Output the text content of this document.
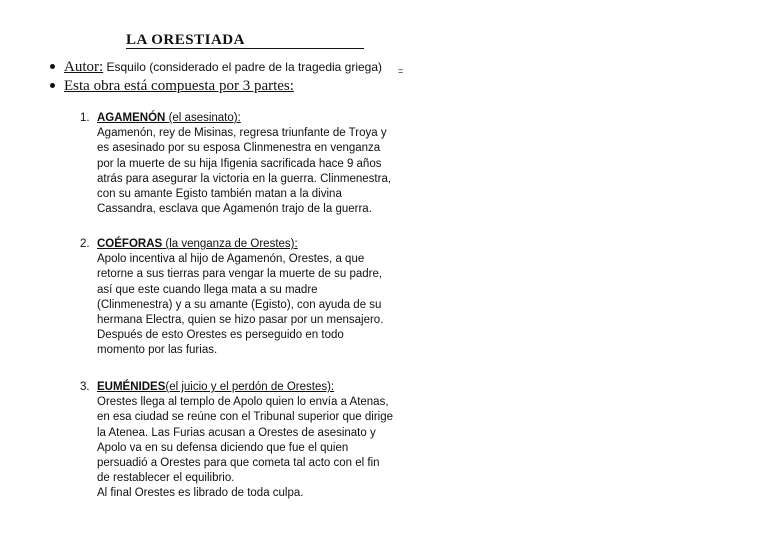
LA ORESTIADA
Autor: Esquilo (considerado el padre de la tragedia griega) =
Esta obra está compuesta por 3 partes:
1. AGAMENÓN (el asesinato):
Agamenón, rey de Misinas, regresa triunfante de Troya y
es asesinado por su esposa Clinmenestra en venganza
por la muerte de su hija Ifigenia sacrificada hace 9 años
atrás para asegurar la victoria en la guerra. Clinmenestra,
con su amante Egisto también matan a la divina
Cassandra, esclava que Agamenón trajo de la guerra.
2. COÉFORAS (la venganza de Orestes):
Apolo incentiva al hijo de Agamenón, Orestes, a que
retorne a sus tierras para vengar la muerte de su padre,
así que este cuando llega mata a su madre
(Clinmenestra) y a su amante (Egisto), con ayuda de su
hermana Electra, quien se hizo pasar por un mensajero.
Después de esto Orestes es perseguido en todo
momento por las furias.
3. EUMÉNIDES(el juicio y el perdón de Orestes):
Orestes llega al templo de Apolo quien lo envía a Atenas,
en esa ciudad se reúne con el Tribunal superior que dirige
la Atenea. Las Furias acusan a Orestes de asesinato y
Apolo va en su defensa diciendo que fue el quien
persuadió a Orestes para que cometa tal acto con el fin
de restablecer el equilibrio.
Al final Orestes es librado de toda culpa.
